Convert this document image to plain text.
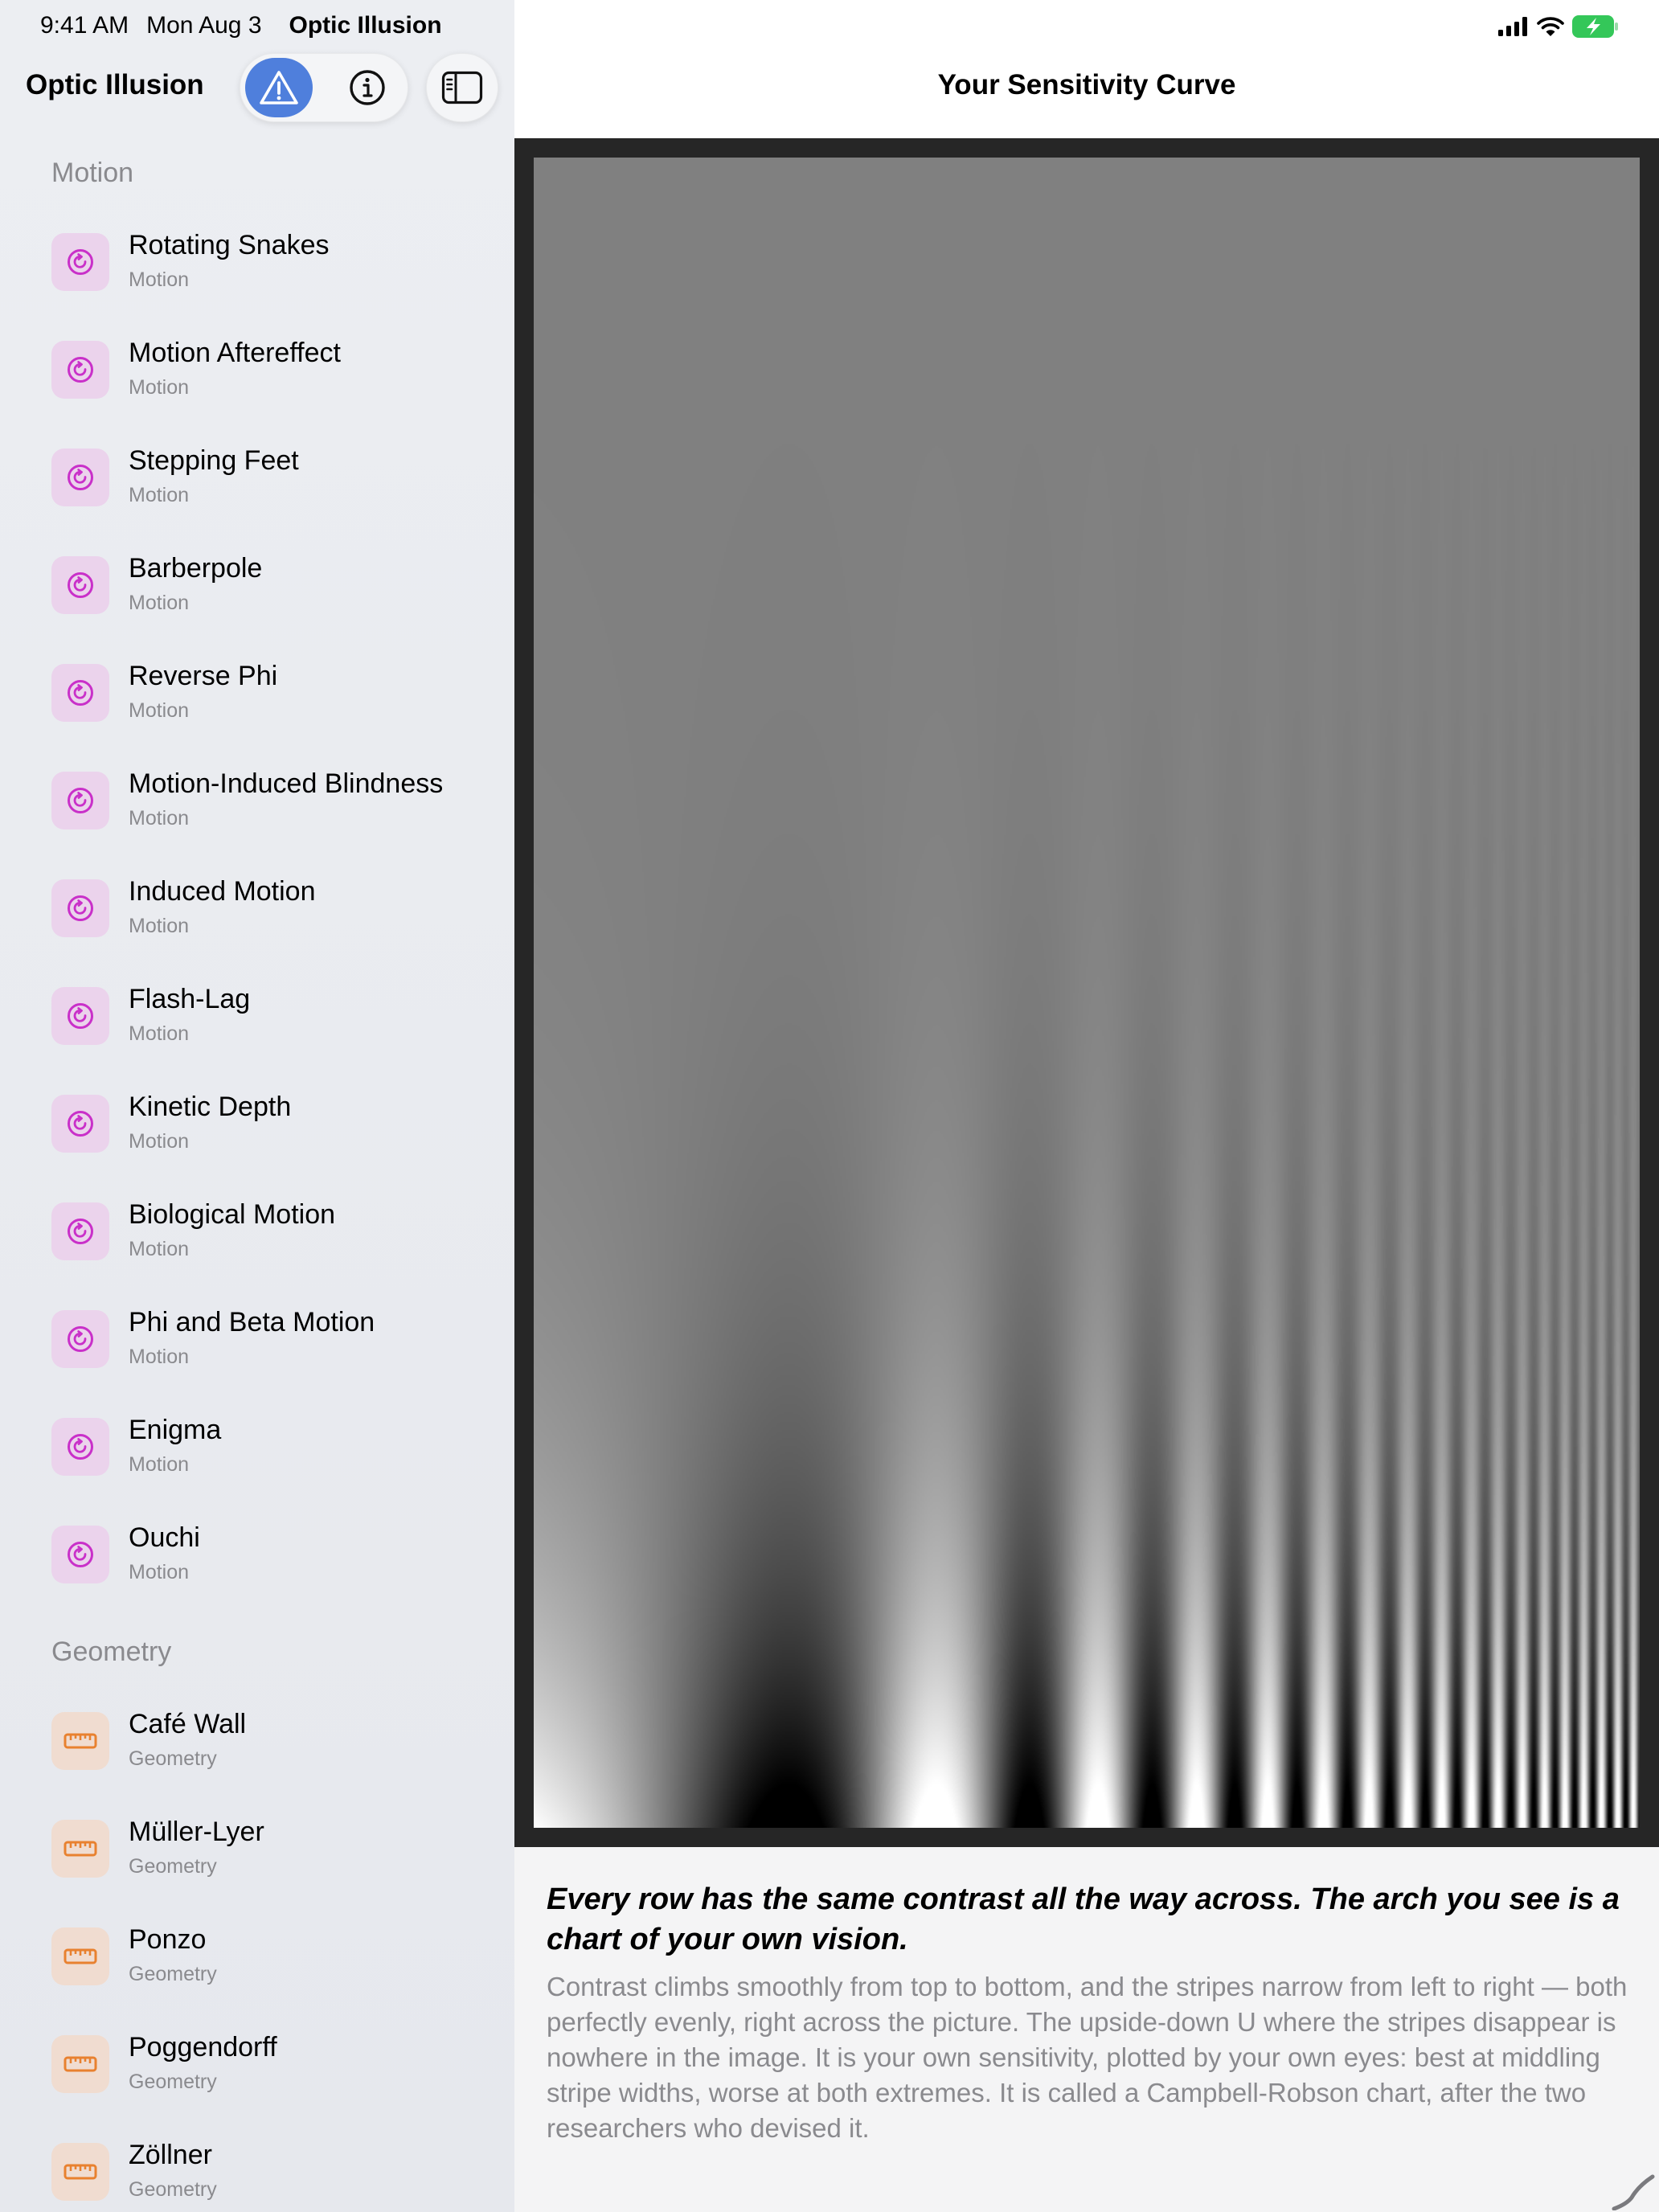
9:41 AM Mon Aug 3 Optic Illusion
Optic Illusion
Motion
Rotating Snakes
Motion
Motion Aftereffect
Motion
Stepping Feet
Motion
Barberpole
Motion
Reverse Phi
Motion
Motion-Induced Blindness
Motion
Induced Motion
Motion
Flash-Lag
Motion
Kinetic Depth
Motion
Biological Motion
Motion
Phi and Beta Motion
Motion
Enigma
Motion
Ouchi
Motion
Geometry
Café Wall
Geometry
Müller-Lyer
Geometry
Ponzo
Geometry
Poggendorff
Geometry
Zöllner
Geometry
Your Sensitivity Curve
Every row has the same contrast all the way across. The arch you see is a chart of your own vision.
Contrast climbs smoothly from top to bottom, and the stripes narrow from left to right — both perfectly evenly, right across the picture. The upside-down U where the stripes disappear is nowhere in the image. It is your own sensitivity, plotted by your own eyes: best at middling stripe widths, worse at both extremes. It is called a Campbell-Robson chart, after the two researchers who devised it.
